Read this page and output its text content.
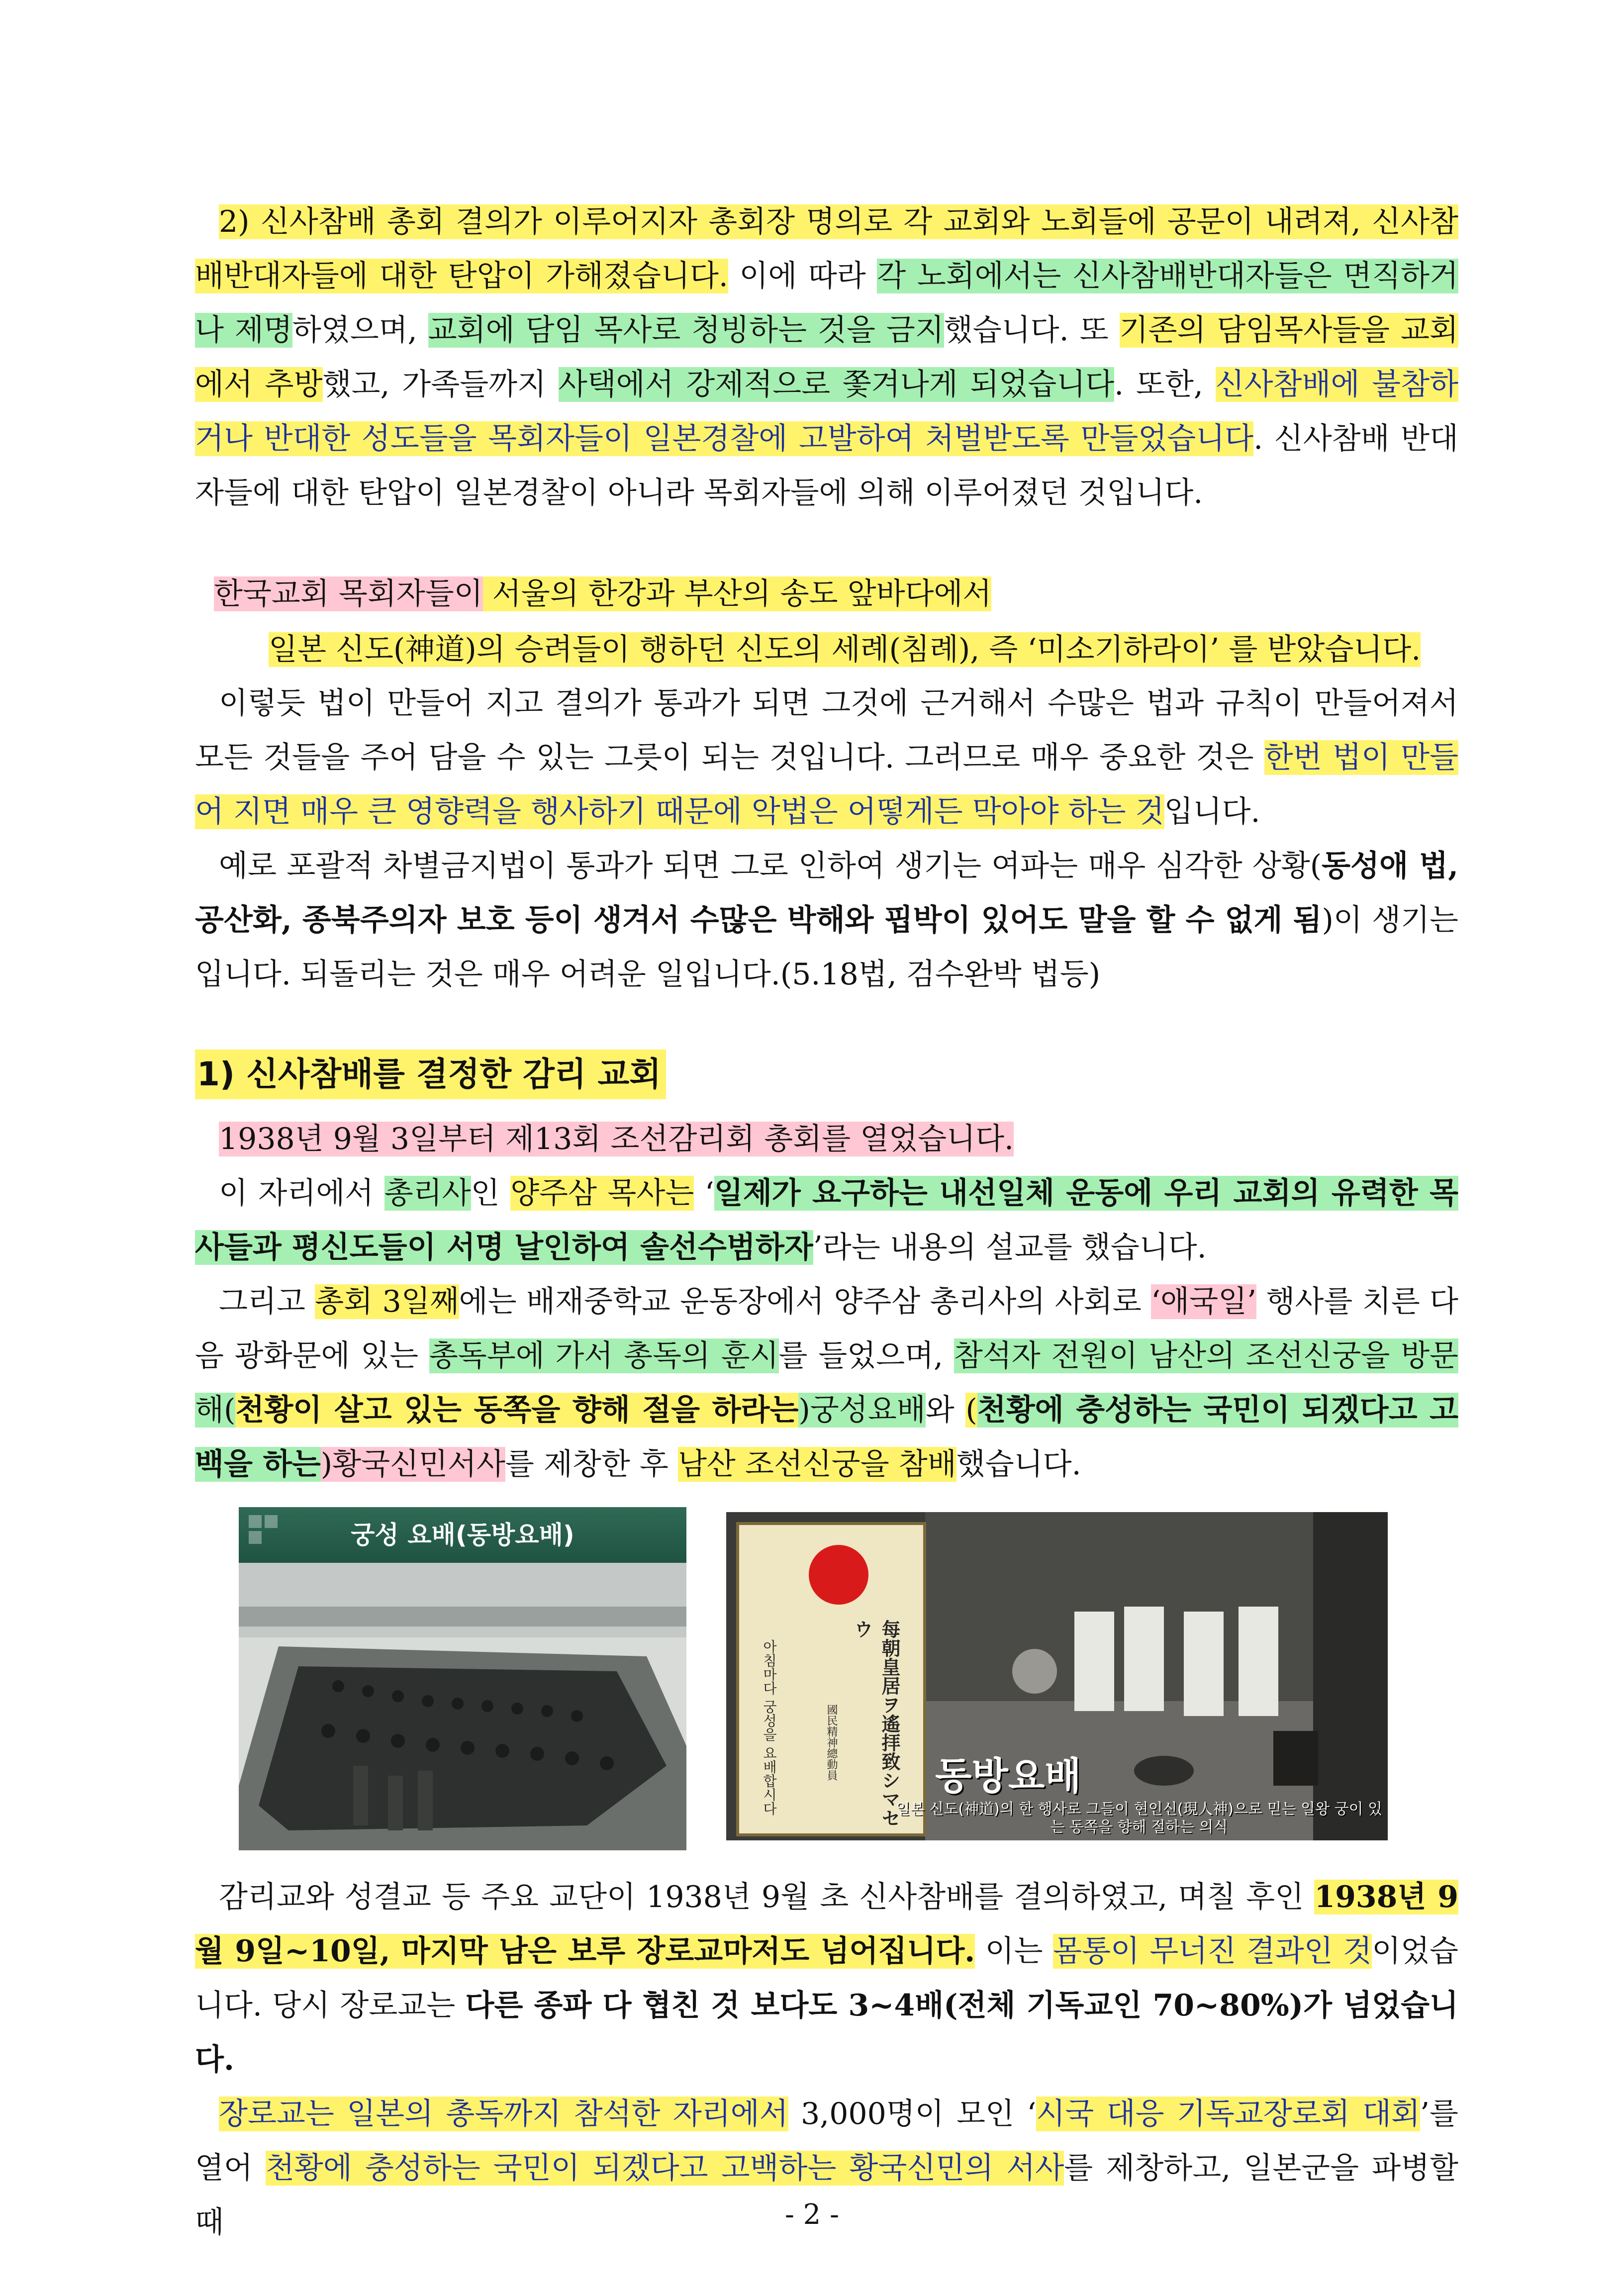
2) 신사참배 총회 결의가 이루어지자 총회장 명의로 각 교회와 노회들에 공문이 내려져, 신사참배반대자들에 대한 탄압이 가해졌습니다. 이에 따라 각 노회에서는 신사참배반대자들은 면직하거나 제명하였으며, 교회에 담임 목사로 청빙하는 것을 금지했습니다. 또 기존의 담임목사들을 교회에서 추방했고, 가족들까지 사택에서 강제적으로 쫓겨나게 되었습니다. 또한, 신사참배에 불참하거나 반대한 성도들을 목회자들이 일본경찰에 고발하여 처벌받도록 만들었습니다. 신사참배 반대자들에 대한 탄압이 일본경찰이 아니라 목회자들에 의해 이루어졌던 것입니다.

한국교회 목회자들이 서울의 한강과 부산의 송도 앞바다에서
일본 신도(神道)의 승려들이 행하던 신도의 세례(침례), 즉 ‘미소기하라이’ 를 받았습니다.

이렇듯 법이 만들어 지고 결의가 통과가 되면 그것에 근거해서 수많은 법과 규칙이 만들어져서 모든 것들을 주어 담을 수 있는 그릇이 되는 것입니다. 그러므로 매우 중요한 것은 한번 법이 만들어 지면 매우 큰 영향력을 행사하기 때문에 악법은 어떻게든 막아야 하는 것입니다.

예로 포괄적 차별금지법이 통과가 되면 그로 인하여 생기는 여파는 매우 심각한 상황(동성애 법, 공산화, 종북주의자 보호 등이 생겨서 수많은 박해와 핍박이 있어도 말을 할 수 없게 됨)이 생기는 입니다. 되돌리는 것은 매우 어려운 일입니다.(5.18법, 검수완박 법등)

1) 신사참배를 결정한 감리 교회

1938년 9월 3일부터 제13회 조선감리회 총회를 열었습니다.

이 자리에서 총리사인 양주삼 목사는 ‘일제가 요구하는 내선일체 운동에 우리 교회의 유력한 목사들과 평신도들이 서명 날인하여 솔선수범하자’라는 내용의 설교를 했습니다.

그리고 총회 3일째에는 배재중학교 운동장에서 양주삼 총리사의 사회로 ‘애국일’ 행사를 치른 다음 광화문에 있는 총독부에 가서 총독의 훈시를 들었으며, 참석자 전원이 남산의 조선신궁을 방문해(천황이 살고 있는 동쪽을 향해 절을 하라는)궁성요배와 (천황에 충성하는 국민이 되겠다고 고백을 하는)황국신민서사를 제창한 후 남산 조선신궁을 참배했습니다.

궁성 요배(동방요배)
每朝皇居ヲ遙拝致シマセウ
國民精神總動員
아침마다 궁성을 요배합시다	동방요배
일본 신도(神道)의 한 행사로 그들이 현인신(現人神)으로 믿는 일왕 궁이 있는 동쪽을 향해 절하는 의식

감리교와 성결교 등 주요 교단이 1938년 9월 초 신사참배를 결의하였고, 며칠 후인 1938년 9월 9일~10일, 마지막 남은 보루 장로교마저도 넘어집니다. 이는 몸통이 무너진 결과인 것이었습니다. 당시 장로교는 다른 종파 다 협친 것 보다도 3~4배(전체 기독교인 70~80%)가 넘었습니다.

장로교는 일본의 총독까지 참석한 자리에서 3,000명이 모인 ‘시국 대응 기독교장로회 대회’를 열어 천황에 충성하는 국민이 되겠다고 고백하는 황국신민의 서사를 제창하고, 일본군을 파병할 때	- 2 -
